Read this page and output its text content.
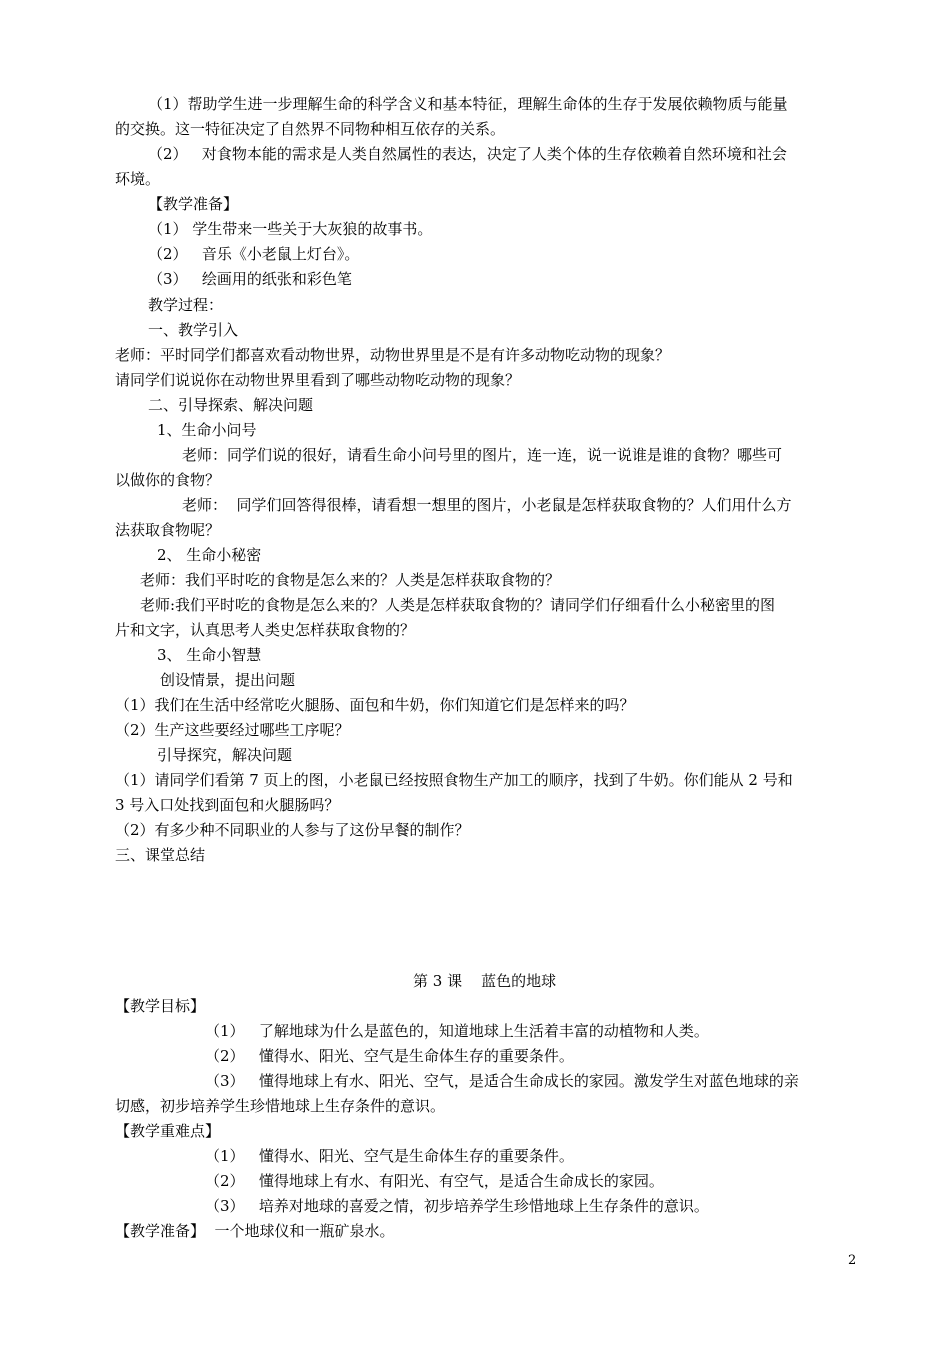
（1）帮助学生进一步理解生命的科学含义和基本特征，理解生命体的生存于发展依赖物质与能量
的交换。这一特征决定了自然界不同物种相互依存的关系。
（2）   对食物本能的需求是人类自然属性的表达，决定了人类个体的生存依赖着自然环境和社会
环境。
【教学准备】
（1） 学生带来一些关于大灰狼的故事书。
（2）   音乐《小老鼠上灯台》。
（3）   绘画用的纸张和彩色笔
教学过程：
一、教学引入
老师：平时同学们都喜欢看动物世界，动物世界里是不是有许多动物吃动物的现象？
请同学们说说你在动物世界里看到了哪些动物吃动物的现象？
二、引导探索、解决问题
1、生命小问号
老师：同学们说的很好，请看生命小问号里的图片，连一连，说一说谁是谁的食物？哪些可
以做你的食物？
老师：  同学们回答得很棒，请看想一想里的图片，小老鼠是怎样获取食物的？人们用什么方
法获取食物呢？
2、 生命小秘密
老师：我们平时吃的食物是怎么来的？人类是怎样获取食物的？
老师:我们平时吃的食物是怎么来的？人类是怎样获取食物的？请同学们仔细看什么小秘密里的图
片和文字，认真思考人类史怎样获取食物的？
3、 生命小智慧
创设情景，提出问题
（1）我们在生活中经常吃火腿肠、面包和牛奶，你们知道它们是怎样来的吗？
（2）生产这些要经过哪些工序呢？
引导探究，解决问题
（1）请同学们看第 7 页上的图，小老鼠已经按照食物生产加工的顺序，找到了牛奶。你们能从 2 号和
3 号入口处找到面包和火腿肠吗？
（2）有多少种不同职业的人参与了这份早餐的制作？
三、课堂总结
第 3 课    蓝色的地球
【教学目标】
（1）   了解地球为什么是蓝色的，知道地球上生活着丰富的动植物和人类。
（2）   懂得水、阳光、空气是生命体生存的重要条件。
（3）   懂得地球上有水、阳光、空气，是适合生命成长的家园。激发学生对蓝色地球的亲
切感，初步培养学生珍惜地球上生存条件的意识。
【教学重难点】
（1）   懂得水、阳光、空气是生命体生存的重要条件。
（2）   懂得地球上有水、有阳光、有空气，是适合生命成长的家园。
（3）   培养对地球的喜爱之情，初步培养学生珍惜地球上生存条件的意识。
【教学准备】  一个地球仪和一瓶矿泉水。
2
